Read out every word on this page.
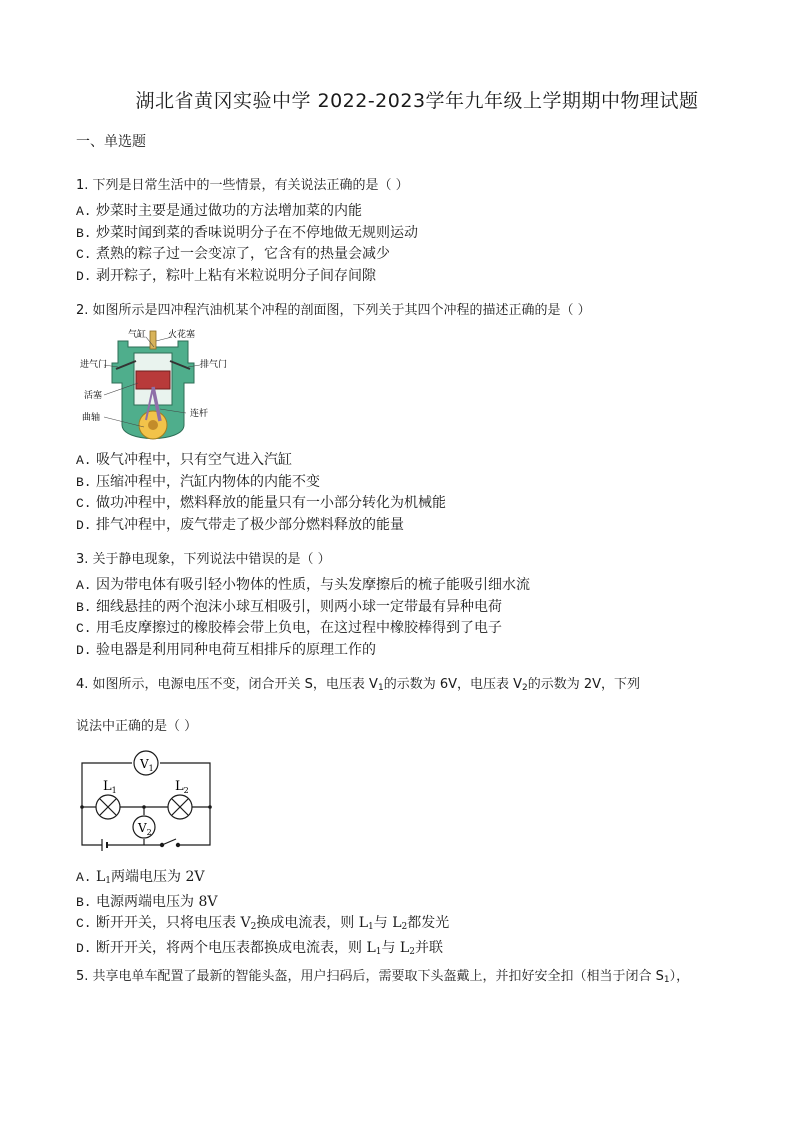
湖北省黄冈实验中学 2022-2023学年九年级上学期期中物理试题
一、单选题
1. 下列是日常生活中的一些情景，有关说法正确的是（ ）
A. 炒菜时主要是通过做功的方法增加菜的内能
B. 炒菜时闻到菜的香味说明分子在不停地做无规则运动
C. 煮熟的粽子过一会变凉了，它含有的热量会减少
D. 剥开粽子，粽叶上粘有米粒说明分子间存间隙
2. 如图所示是四冲程汽油机某个冲程的剖面图，下列关于其四个冲程的描述正确的是（ ）
气缸 火花塞
进气门	排气门
活塞
连杆
曲轴
A. 吸气冲程中，只有空气进入汽缸
B. 压缩冲程中，汽缸内物体的内能不变
C. 做功冲程中，燃料释放的能量只有一小部分转化为机械能
D. 排气冲程中，废气带走了极少部分燃料释放的能量
3. 关于静电现象，下列说法中错误的是（ ）
A. 因为带电体有吸引轻小物体的性质，与头发摩擦后的梳子能吸引细水流
B. 细线悬挂的两个泡沫小球互相吸引，则两小球一定带最有异种电荷
C. 用毛皮摩擦过的橡胶棒会带上负电，在这过程中橡胶棒得到了电子
D. 验电器是利用同种电荷互相排斥的原理工作的
4. 如图所示，电源电压不变，闭合开关 S，电压表 $V_1$的示数为 6V，电压表 $V_2$的示数为 2V，下列
说法中正确的是（ ）
$V_1$
$V_2$
$L_1$	$L_2$
A. $L_1$两端电压为 2V
B. 电源两端电压为 8V
C. 断开开关，只将电压表 $V_2$换成电流表，则 $L_1$与 $L_2$都发光
D. 断开开关，将两个电压表都换成电流表，则 $L_1$与 $L_2$并联
5. 共享电单车配置了最新的智能头盔，用户扫码后，需要取下头盔戴上，并扣好安全扣（相当于闭合 $S_1$），
